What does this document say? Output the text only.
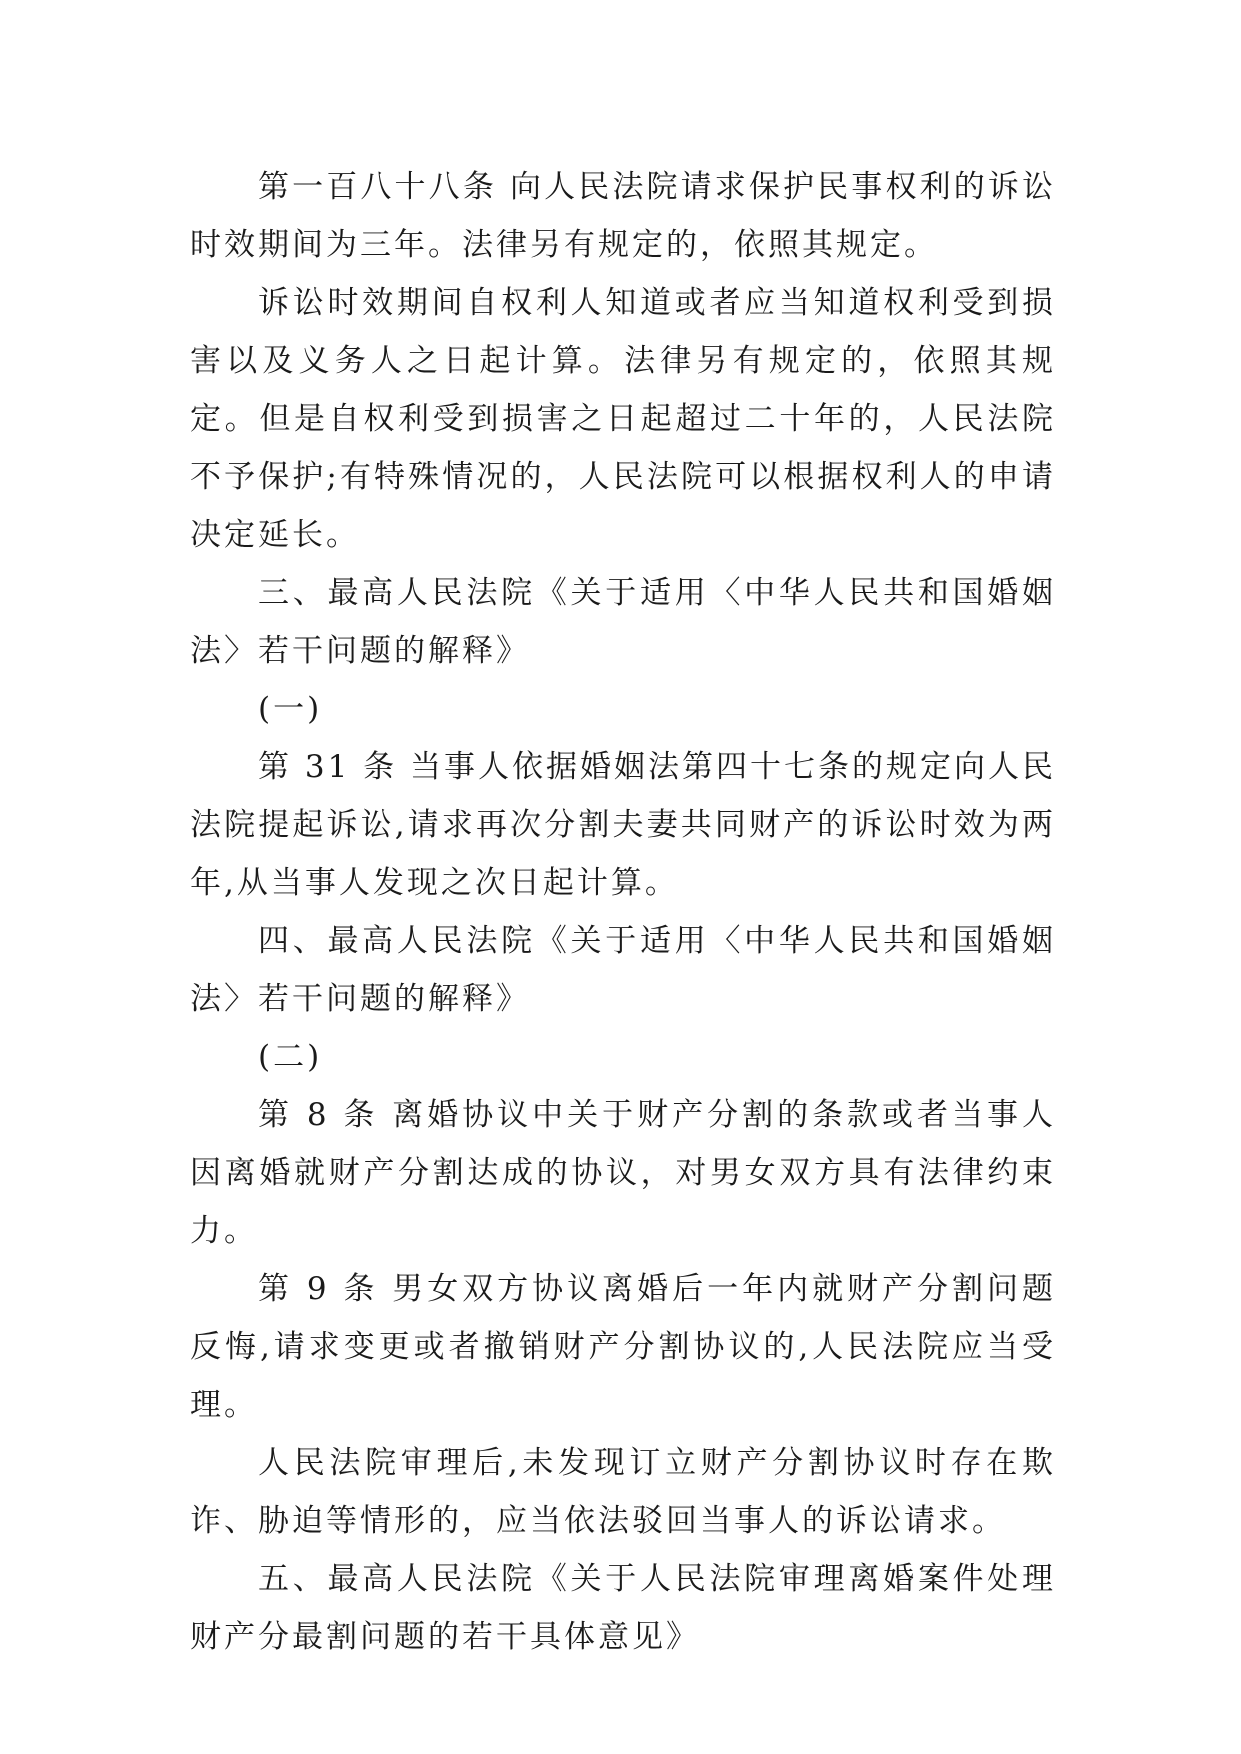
第一百八十八条 向人民法院请求保护民事权利的诉讼时效期间为三年。法律另有规定的，依照其规定。

诉讼时效期间自权利人知道或者应当知道权利受到损害以及义务人之日起计算。法律另有规定的，依照其规定。但是自权利受到损害之日起超过二十年的，人民法院不予保护;有特殊情况的，人民法院可以根据权利人的申请决定延长。

三、最高人民法院《关于适用〈中华人民共和国婚姻法〉若干问题的解释》

(一)

第 31 条 当事人依据婚姻法第四十七条的规定向人民法院提起诉讼,请求再次分割夫妻共同财产的诉讼时效为两年,从当事人发现之次日起计算。

四、最高人民法院《关于适用〈中华人民共和国婚姻法〉若干问题的解释》

(二)

第 8 条 离婚协议中关于财产分割的条款或者当事人因离婚就财产分割达成的协议，对男女双方具有法律约束力。

第 9 条 男女双方协议离婚后一年内就财产分割问题反悔,请求变更或者撤销财产分割协议的,人民法院应当受理。

人民法院审理后,未发现订立财产分割协议时存在欺诈、胁迫等情形的，应当依法驳回当事人的诉讼请求。

五、最高人民法院《关于人民法院审理离婚案件处理财产分最割问题的若干具体意见》
